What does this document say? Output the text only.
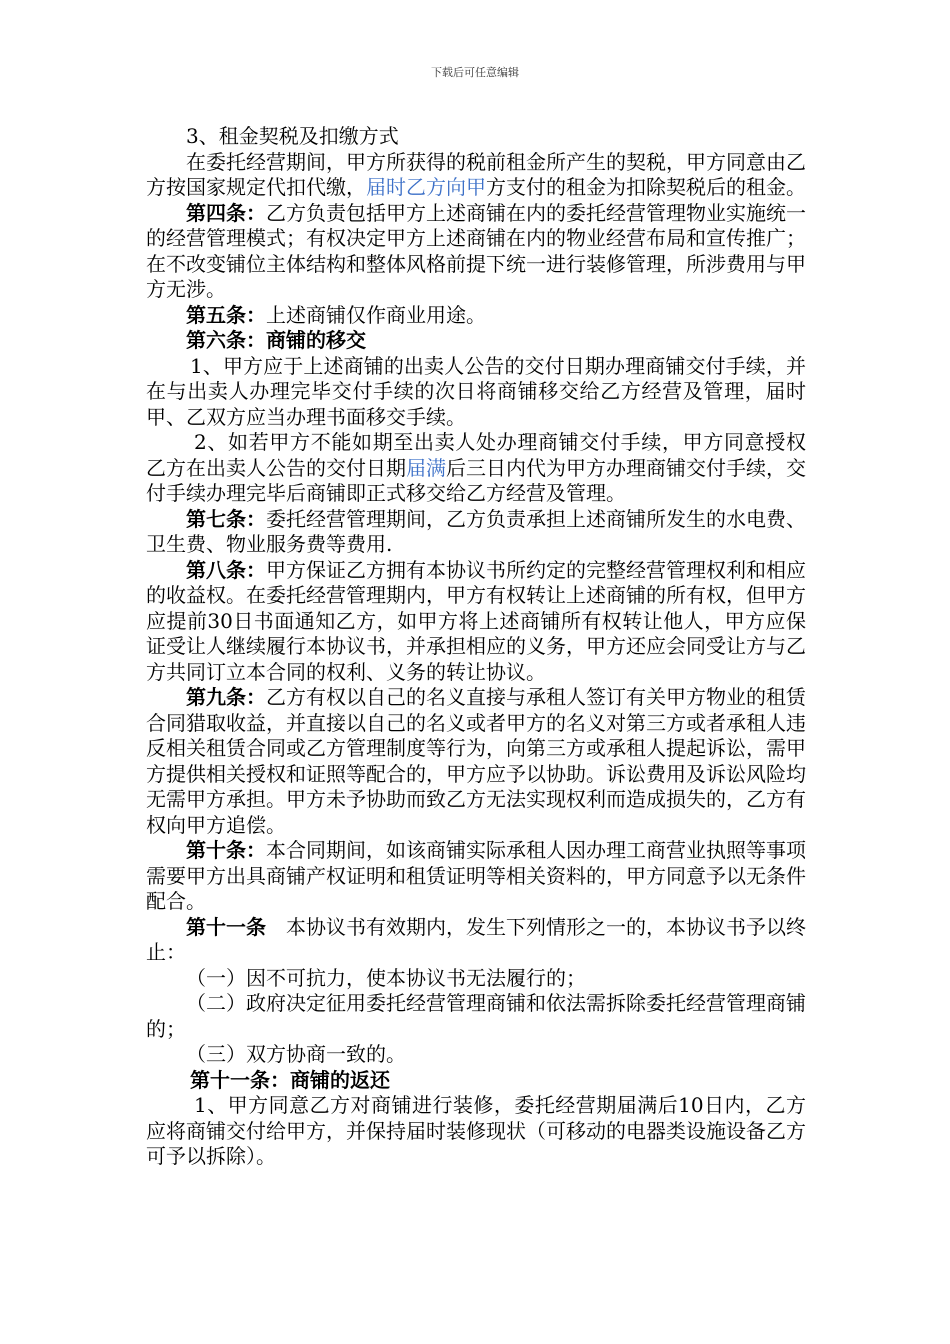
下载后可任意编辑

3、租金契税及扣缴方式

在委托经营期间，甲方所获得的税前租金所产生的契税，甲方同意由乙方按国家规定代扣代缴，届时乙方向甲方支付的租金为扣除契税后的租金。

第四条：乙方负责包括甲方上述商铺在内的委托经营管理物业实施统一的经营管理模式；有权决定甲方上述商铺在内的物业经营布局和宣传推广；在不改变铺位主体结构和整体风格前提下统一进行装修管理，所涉费用与甲方无涉。

第五条：上述商铺仅作商业用途。

第六条：商铺的移交

1、甲方应于上述商铺的出卖人公告的交付日期办理商铺交付手续，并在与出卖人办理完毕交付手续的次日将商铺移交给乙方经营及管理，届时甲、乙双方应当办理书面移交手续。

2、如若甲方不能如期至出卖人处办理商铺交付手续，甲方同意授权乙方在出卖人公告的交付日期届满后三日内代为甲方办理商铺交付手续，交付手续办理完毕后商铺即正式移交给乙方经营及管理。

第七条：委托经营管理期间，乙方负责承担上述商铺所发生的水电费、卫生费、物业服务费等费用.

第八条：甲方保证乙方拥有本协议书所约定的完整经营管理权利和相应的收益权。在委托经营管理期内，甲方有权转让上述商铺的所有权，但甲方应提前30日书面通知乙方，如甲方将上述商铺所有权转让他人，甲方应保证受让人继续履行本协议书，并承担相应的义务，甲方还应会同受让方与乙方共同订立本合同的权利、义务的转让协议。

第九条：乙方有权以自己的名义直接与承租人签订有关甲方物业的租赁合同猎取收益，并直接以自己的名义或者甲方的名义对第三方或者承租人违反相关租赁合同或乙方管理制度等行为，向第三方或承租人提起诉讼，需甲方提供相关授权和证照等配合的，甲方应予以协助。诉讼费用及诉讼风险均无需甲方承担。甲方未予协助而致乙方无法实现权利而造成损失的，乙方有权向甲方追偿。

第十条：本合同期间，如该商铺实际承租人因办理工商营业执照等事项需要甲方出具商铺产权证明和租赁证明等相关资料的，甲方同意予以无条件配合。

第十一条　本协议书有效期内，发生下列情形之一的，本协议书予以终止：

（一）因不可抗力，使本协议书无法履行的；

（二）政府决定征用委托经营管理商铺和依法需拆除委托经营管理商铺的；

（三）双方协商一致的。

第十一条：商铺的返还

1、甲方同意乙方对商铺进行装修，委托经营期届满后10日内，乙方应将商铺交付给甲方，并保持届时装修现状（可移动的电器类设施设备乙方可予以拆除）。
